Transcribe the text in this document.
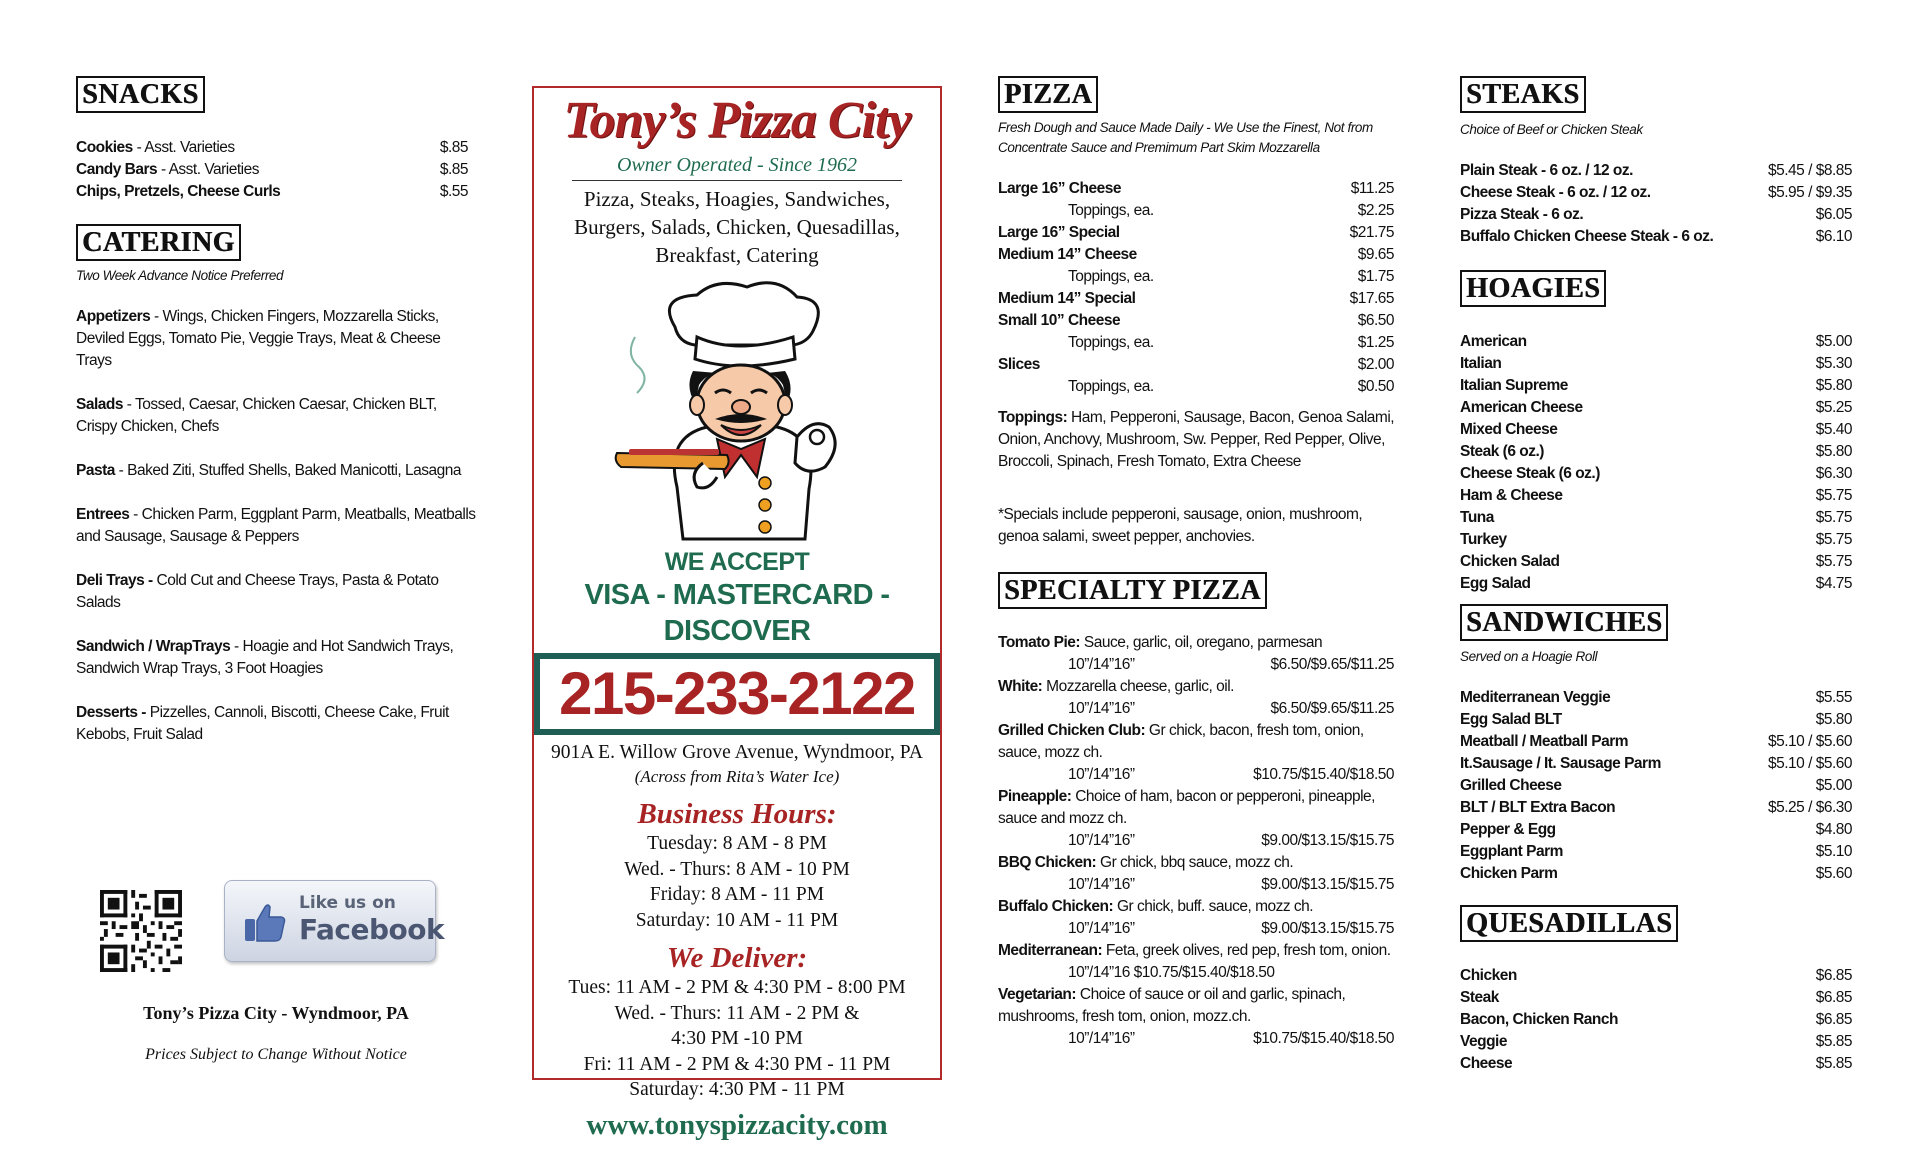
SNACKS
Cookies - Asst. Varieties	$.85
Candy Bars - Asst. Varieties	$.85
Chips, Pretzels, Cheese Curls	$.55
CATERING
Two Week Advance Notice Preferred
Appetizers - Wings, Chicken Fingers, Mozzarella Sticks, Deviled Eggs, Tomato Pie, Veggie Trays, Meat & Cheese Trays
Salads - Tossed, Caesar, Chicken Caesar, Chicken BLT, Crispy Chicken, Chefs
Pasta - Baked Ziti, Stuffed Shells, Baked Manicotti, Lasagna
Entrees - Chicken Parm, Eggplant Parm, Meatballs, Meatballs and Sausage, Sausage & Peppers
Deli Trays - Cold Cut and Cheese Trays, Pasta & Potato Salads
Sandwich / WrapTrays - Hoagie and Hot Sandwich Trays, Sandwich Wrap Trays, 3 Foot Hoagies
Desserts - Pizzelles, Cannoli, Biscotti, Cheese Cake, Fruit Kebobs, Fruit Salad
Like us on
Facebook
Tony’s Pizza City - Wyndmoor, PA
Prices Subject to Change Without Notice
Tony’s Pizza City
Owner Operated - Since 1962
Pizza, Steaks, Hoagies, Sandwiches,
Burgers, Salads, Chicken, Quesadillas,
Breakfast, Catering
WE ACCEPT
VISA - MASTERCARD - DISCOVER
215-233-2122
901A E. Willow Grove Avenue, Wyndmoor, PA
(Across from Rita’s Water Ice)
Business Hours:
Tuesday: 8 AM - 8 PM
Wed. - Thurs: 8 AM - 10 PM
Friday: 8 AM - 11 PM
Saturday: 10 AM - 11 PM
We Deliver:
Tues: 11 AM - 2 PM & 4:30 PM - 8:00 PM
Wed. - Thurs: 11 AM - 2 PM &
4:30 PM -10 PM
Fri: 11 AM - 2 PM & 4:30 PM - 11 PM
Saturday: 4:30 PM - 11 PM
www.tonyspizzacity.com
PIZZA
Fresh Dough and Sauce Made Daily - We Use the Finest, Not from Concentrate Sauce and Premimum Part Skim Mozzarella
Large 16” Cheese	$11.25
Toppings, ea.	$2.25
Large 16” Special	$21.75
Medium 14” Cheese	$9.65
Toppings, ea.	$1.75
Medium 14” Special	$17.65
Small 10” Cheese	$6.50
Toppings, ea.	$1.25
Slices	$2.00
Toppings, ea.	$0.50
Toppings: Ham, Pepperoni, Sausage, Bacon, Genoa Salami, Onion, Anchovy, Mushroom, Sw. Pepper, Red Pepper, Olive, Broccoli, Spinach, Fresh Tomato, Extra Cheese
*Specials include pepperoni, sausage, onion, mushroom, genoa salami, sweet pepper, anchovies.
SPECIALTY PIZZA
Tomato Pie: Sauce, garlic, oil, oregano, parmesan
10”/14”16”	$6.50/$9.65/$11.25
White: Mozzarella cheese, garlic, oil.
10”/14”16”	$6.50/$9.65/$11.25
Grilled Chicken Club: Gr chick, bacon, fresh tom, onion, sauce, mozz ch.
10”/14”16”	$10.75/$15.40/$18.50
Pineapple: Choice of ham, bacon or pepperoni, pineapple, sauce and mozz ch.
10”/14”16”	$9.00/$13.15/$15.75
BBQ Chicken: Gr chick, bbq sauce, mozz ch.
10”/14”16”	$9.00/$13.15/$15.75
Buffalo Chicken: Gr chick, buff. sauce, mozz ch.
10”/14”16”	$9.00/$13.15/$15.75
Mediterranean: Feta, greek olives, red pep, fresh tom, onion.
10”/14”16 $10.75/$15.40/$18.50
Vegetarian: Choice of sauce or oil and garlic, spinach, mushrooms, fresh tom, onion, mozz.ch.
10”/14”16”	$10.75/$15.40/$18.50
STEAKS
Choice of Beef or Chicken Steak
Plain Steak - 6 oz. / 12 oz.	$5.45 / $8.85
Cheese Steak - 6 oz. / 12 oz.	$5.95 / $9.35
Pizza Steak - 6 oz.	$6.05
Buffalo Chicken Cheese Steak - 6 oz.	$6.10
HOAGIES
American	$5.00
Italian	$5.30
Italian Supreme	$5.80
American Cheese	$5.25
Mixed Cheese	$5.40
Steak (6 oz.)	$5.80
Cheese Steak (6 oz.)	$6.30
Ham & Cheese	$5.75
Tuna	$5.75
Turkey	$5.75
Chicken Salad	$5.75
Egg Salad	$4.75
SANDWICHES
Served on a Hoagie Roll
Mediterranean Veggie	$5.55
Egg Salad BLT	$5.80
Meatball / Meatball Parm	$5.10 / $5.60
It.Sausage / It. Sausage Parm	$5.10 / $5.60
Grilled Cheese	$5.00
BLT / BLT Extra Bacon	$5.25 / $6.30
Pepper & Egg	$4.80
Eggplant Parm	$5.10
Chicken Parm	$5.60
QUESADILLAS
Chicken	$6.85
Steak	$6.85
Bacon, Chicken Ranch	$6.85
Veggie	$5.85
Cheese	$5.85
